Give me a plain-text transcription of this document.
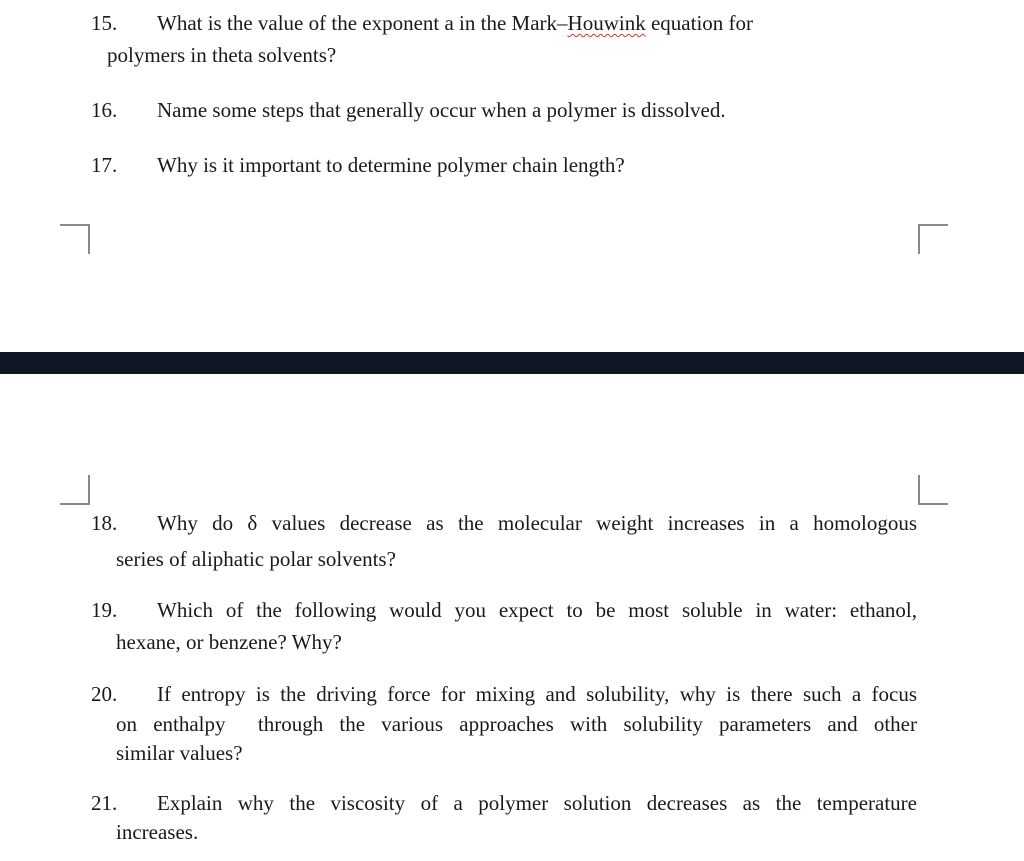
15. What is the value of the exponent a in the Mark–Houwink equation for
polymers in theta solvents?
16. Name some steps that generally occur when a polymer is dissolved.
17. Why is it important to determine polymer chain length?
18. Why do δ values decrease as the molecular weight increases in a homologous
series of aliphatic polar solvents?
19. Which of the following would you expect to be most soluble in water: ethanol,
hexane, or benzene? Why?
20. If entropy is the driving force for mixing and solubility, why is there such a focus
on enthalpy  through the various approaches with solubility parameters and other
similar values?
21. Explain why the viscosity of a polymer solution decreases as the temperature
increases.
